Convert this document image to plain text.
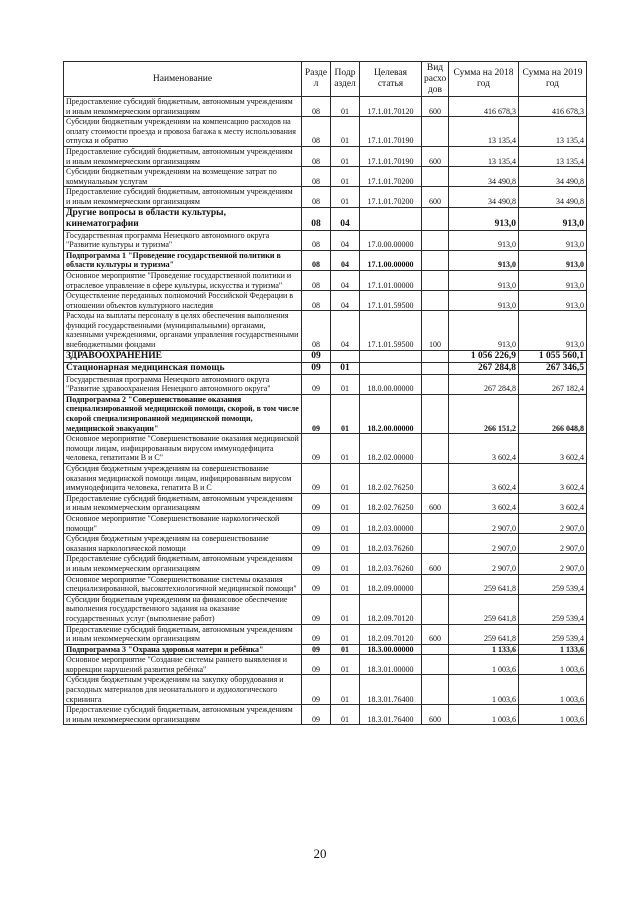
Наименование	Разде л	Подр аздел	Целевая статья	Вид расхо дов	Сумма на 2018 год	Сумма на 2019 год
Предоставление субсидий бюджетным, автономным учреждениям и иным некоммерческим организациям	08	01	17.1.01.70120	600	416 678,3	416 678,3
Субсидии бюджетным учреждениям на компенсацию расходов на оплату стоимости проезда и провоза багажа к месту использования отпуска и обратно	08	01	17.1.01.70190		13 135,4	13 135,4
Предоставление субсидий бюджетным, автономным учреждениям и иным некоммерческим организациям	08	01	17.1.01.70190	600	13 135,4	13 135,4
Субсидии бюджетным учреждениям на возмещение затрат по коммунальным услугам	08	01	17.1.01.70200		34 490,8	34 490,8
Предоставление субсидий бюджетным, автономным учреждениям и иным некоммерческим организациям	08	01	17.1.01.70200	600	34 490,8	34 490,8
Другие вопросы в области культуры, кинематографии	08	04			913,0	913,0
Государственная программа Ненецкого автономного округа "Развитие культуры и туризма"	08	04	17.0.00.00000		913,0	913,0
Подпрограмма 1 "Проведение государственной политики в области культуры и туризма"	08	04	17.1.00.00000		913,0	913,0
Основное мероприятие "Проведение государственной политики и отраслевое управление в сфере культуры, искусства и туризма"	08	04	17.1.01.00000		913,0	913,0
Осуществление переданных полномочий Российской Федерации в отношении объектов культурного наследия	08	04	17.1.01.59500		913,0	913,0
Расходы на выплаты персоналу в целях обеспечения выполнения функций государственными (муниципальными) органами, казенными учреждениями, органами управления государственными внебюджетными фондами	08	04	17.1.01.59500	100	913,0	913,0
ЗДРАВООХРАНЕНИЕ	09				1 056 226,9	1 055 560,1
Стационарная медицинская помощь	09	01			267 284,8	267 346,5
Государственная программа Ненецкого автономного округа "Развитие здравоохранения Ненецкого автономного округа"	09	01	18.0.00.00000		267 284,8	267 182,4
Подпрограмма 2 "Совершенствование оказания специализированной медицинской помощи, скорой, в том числе скорой специализированной медицинской помощи, медицинской эвакуации"	09	01	18.2.00.00000		266 151,2	266 048,8
Основное мероприятие "Совершенствование оказания медицинской помощи лицам, инфицированным вирусом иммунодефицита человека, гепатитами В и С"	09	01	18.2.02.00000		3 602,4	3 602,4
Субсидия бюджетным учреждениям на совершенствование оказания медицинской помощи лицам, инфицированным вирусом иммунодефицита человека, гепатита В и С	09	01	18.2.02.76250		3 602,4	3 602,4
Предоставление субсидий бюджетным, автономным учреждениям и иным некоммерческим организациям	09	01	18.2.02.76250	600	3 602,4	3 602,4
Основное мероприятие "Совершенствование наркологической помощи"	09	01	18.2.03.00000		2 907,0	2 907,0
Субсидия бюджетным учреждениям на совершенствование оказания наркологической помощи	09	01	18.2.03.76260		2 907,0	2 907,0
Предоставление субсидий бюджетным, автономным учреждениям и иным некоммерческим организациям	09	01	18.2.03.76260	600	2 907,0	2 907,0
Основное мероприятие "Совершенствование системы оказания специализированной, высокотехнологичной медицинской помощи"	09	01	18.2.09.00000		259 641,8	259 539,4
Субсидии бюджетным учреждениям на финансовое обеспечение выполнения государственного задания на оказание государственных услуг (выполнение работ)	09	01	18.2.09.70120		259 641,8	259 539,4
Предоставление субсидий бюджетным, автономным учреждениям и иным некоммерческим организациям	09	01	18.2.09.70120	600	259 641,8	259 539,4
Подпрограмма 3 "Охрана здоровья матери и ребёнка"	09	01	18.3.00.00000		1 133,6	1 133,6
Основное мероприятие "Создание системы раннего выявления и коррекции нарушений развития ребёнка"	09	01	18.3.01.00000		1 003,6	1 003,6
Субсидия бюджетным учреждениям на закупку оборудования и расходных материалов для неонатального и аудиологического скрининга	09	01	18.3.01.76400		1 003,6	1 003,6
Предоставление субсидий бюджетным, автономным учреждениям и иным некоммерческим организациям	09	01	18.3.01.76400	600	1 003,6	1 003,6
20
